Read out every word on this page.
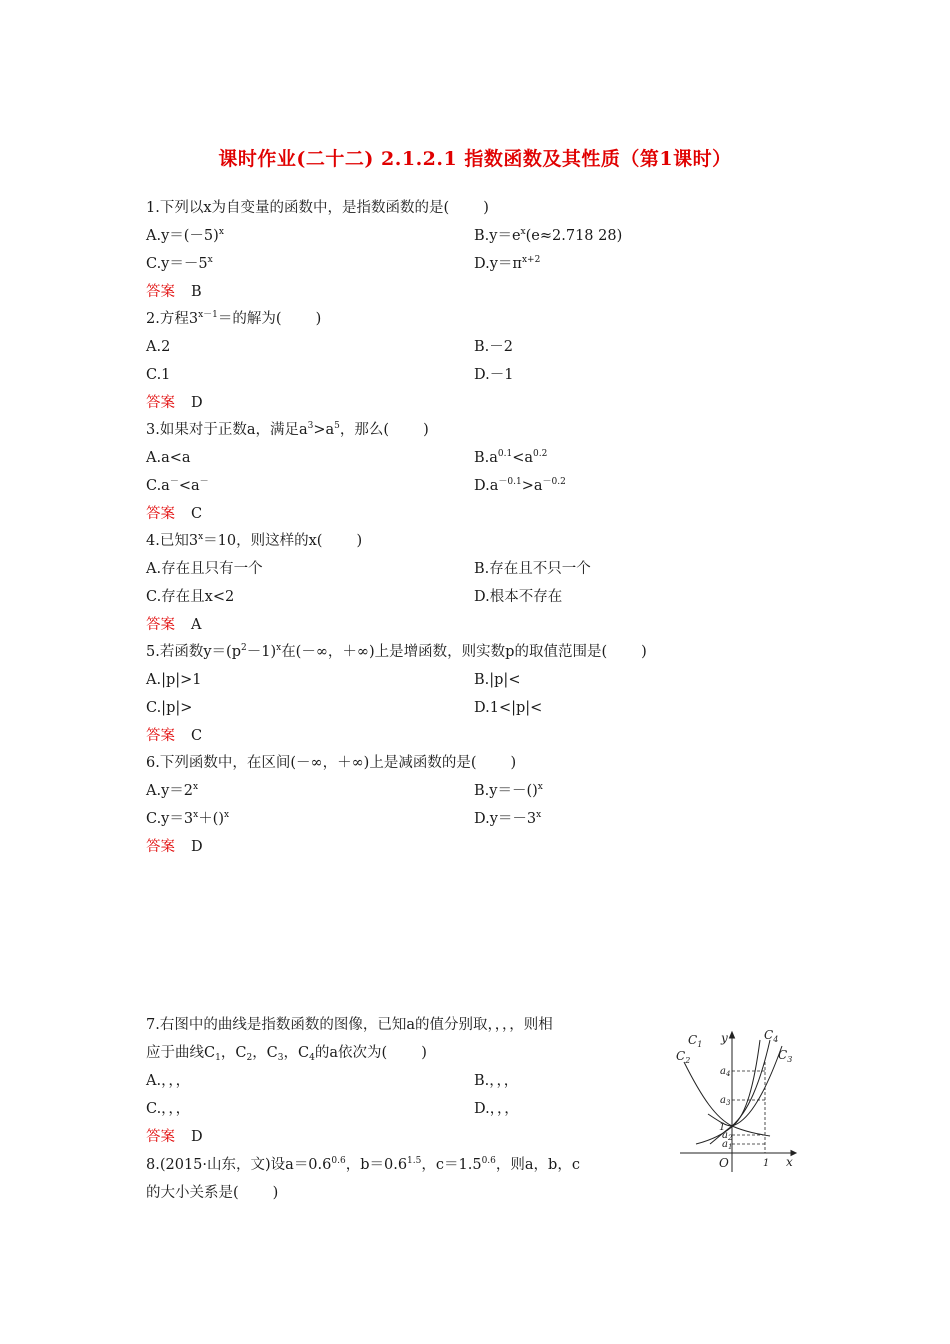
课时作业(二十二) 2.1.2.1 指数函数及其性质（第1课时）
1.下列以x为自变量的函数中，是指数函数的是( )
$A.y=(-5)^x$	$B.y=e^x(e\approx 2.718$ 28)
$C.y=-5^x$	$D.y=\pi^{x+2}$
答案 B
2.方程$3^{x-1}=$的解为( )
A.2	B.－2
C.1	D.－1
答案 D
3.如果对于正数a，满足$a^3>a^5$，那么( )
A.a<a	$B.a^{0.1}<a^{0.2}$
C.a－<a－	$D.a^{-0.1}>a^{-0.2}$
答案 C
4.已知$3^x=10$，则这样的x( )
A.存在且只有一个	B.存在且不只一个
C.存在且x<2	D.根本不存在
答案 A
5.若函数$y=(p^2-1)^x$在(－∞，＋∞)上是增函数，则实数p的取值范围是( )
A.|p|>1	B.|p|<
C.|p|>	D.1<|p|<
答案 C
6.下列函数中，在区间(－∞，＋∞)上是减函数的是( )
$A.y=2^x$	B.y＝－()$^x$
$C.y=3^x+()^x$	$D.y=-3^x$
答案 D
7.右图中的曲线是指数函数的图像，已知a的值分别取，，，，则相
应于曲线$C_1$，$C_2$，$C_3$，$C_4$的a依次为( )
A.，，，	B.，，，
C.，，，	D.，，，
答案 D
8.(2015·山东，文)设$a=0.6^{0.6}$，$b=0.6^{1.5}$，$c=1.5^{0.6}$，则a，b，c
的大小关系是( )
$C_1$
$C_2$	$C_3$
$C_4$
y
x
O
1
1
$a_4$
$a_3$
$a_2$
$a_1$
